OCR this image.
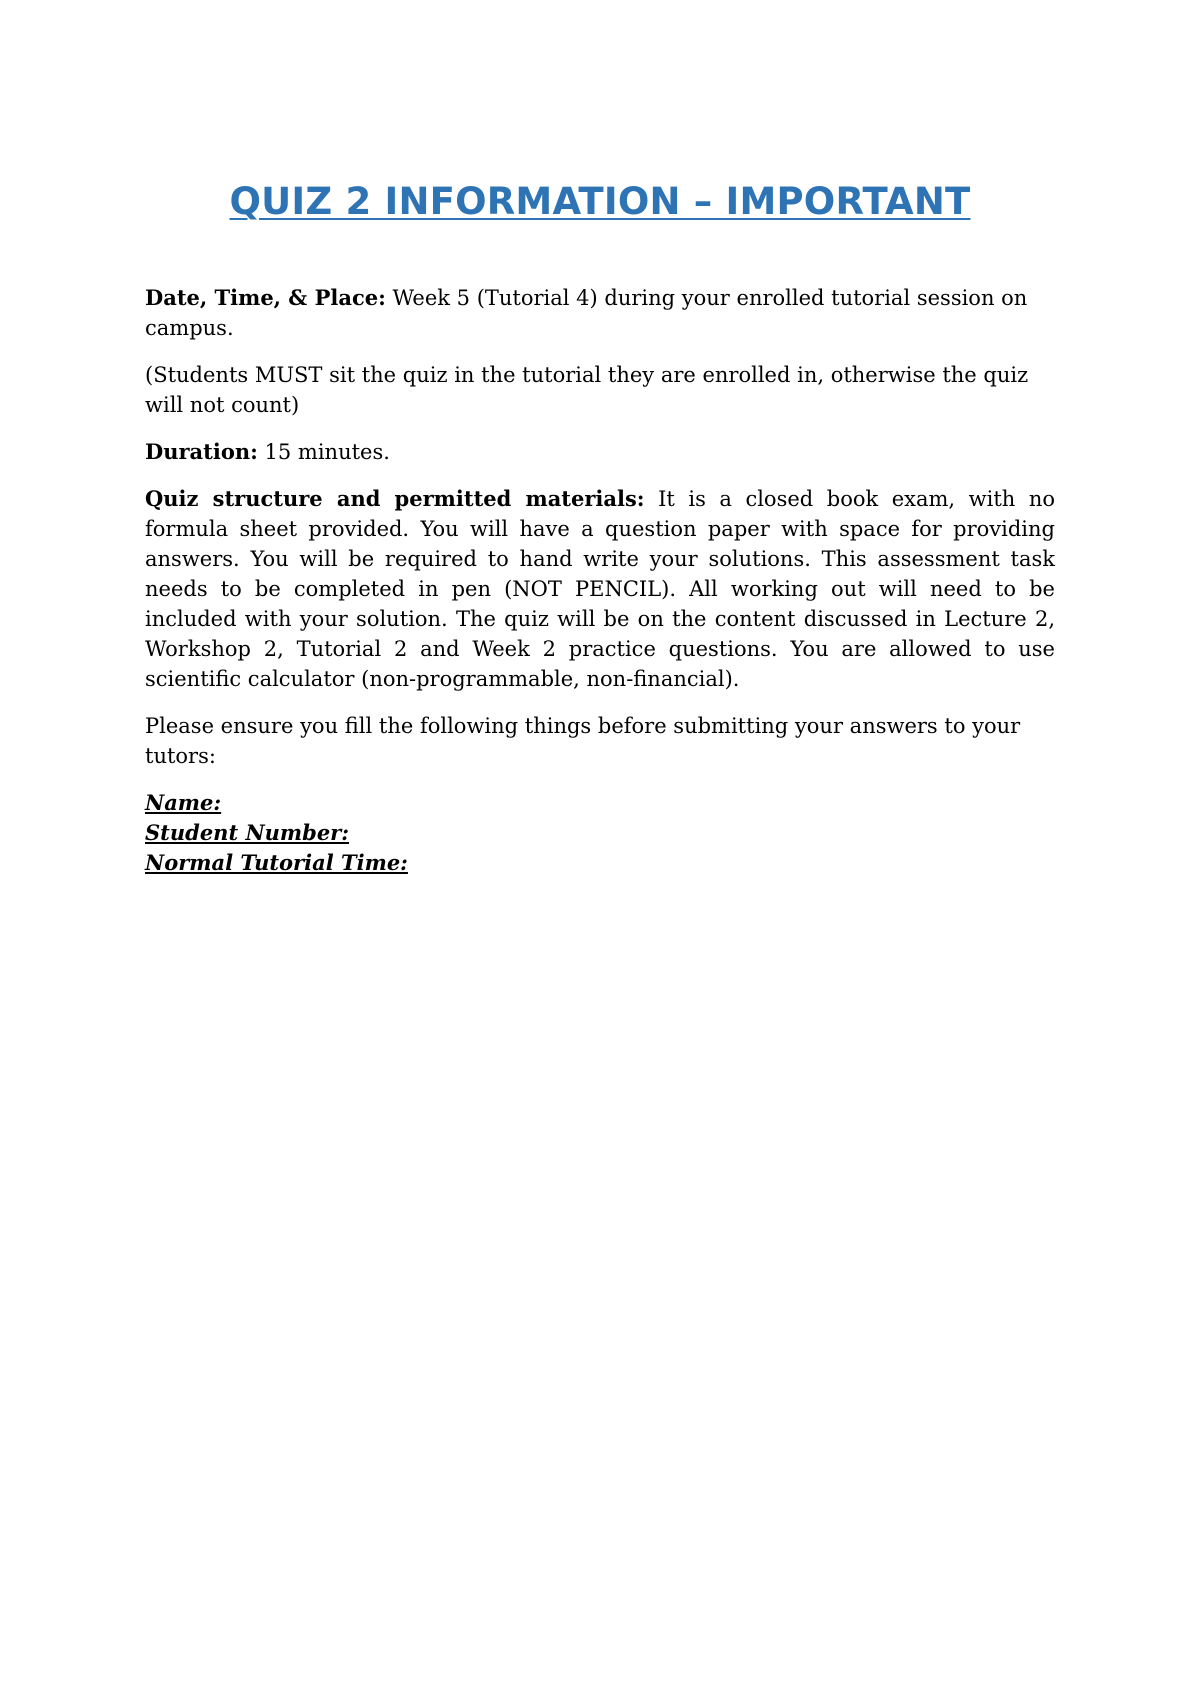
QUIZ 2 INFORMATION – IMPORTANT

Date, Time, & Place: Week 5 (Tutorial 4) during your enrolled tutorial session on campus.

(Students MUST sit the quiz in the tutorial they are enrolled in, otherwise the quiz will not count)

Duration: 15 minutes.

Quiz structure and permitted materials: It is a closed book exam, with no formula sheet provided. You will have a question paper with space for providing answers. You will be required to hand write your solutions. This assessment task needs to be completed in pen (NOT PENCIL). All working out will need to be included with your solution. The quiz will be on the content discussed in Lecture 2, Workshop 2, Tutorial 2 and Week 2 practice questions. You are allowed to use scientific calculator (non-programmable, non-financial).

Please ensure you fill the following things before submitting your answers to your tutors:

Name:
Student Number:
Normal Tutorial Time:
